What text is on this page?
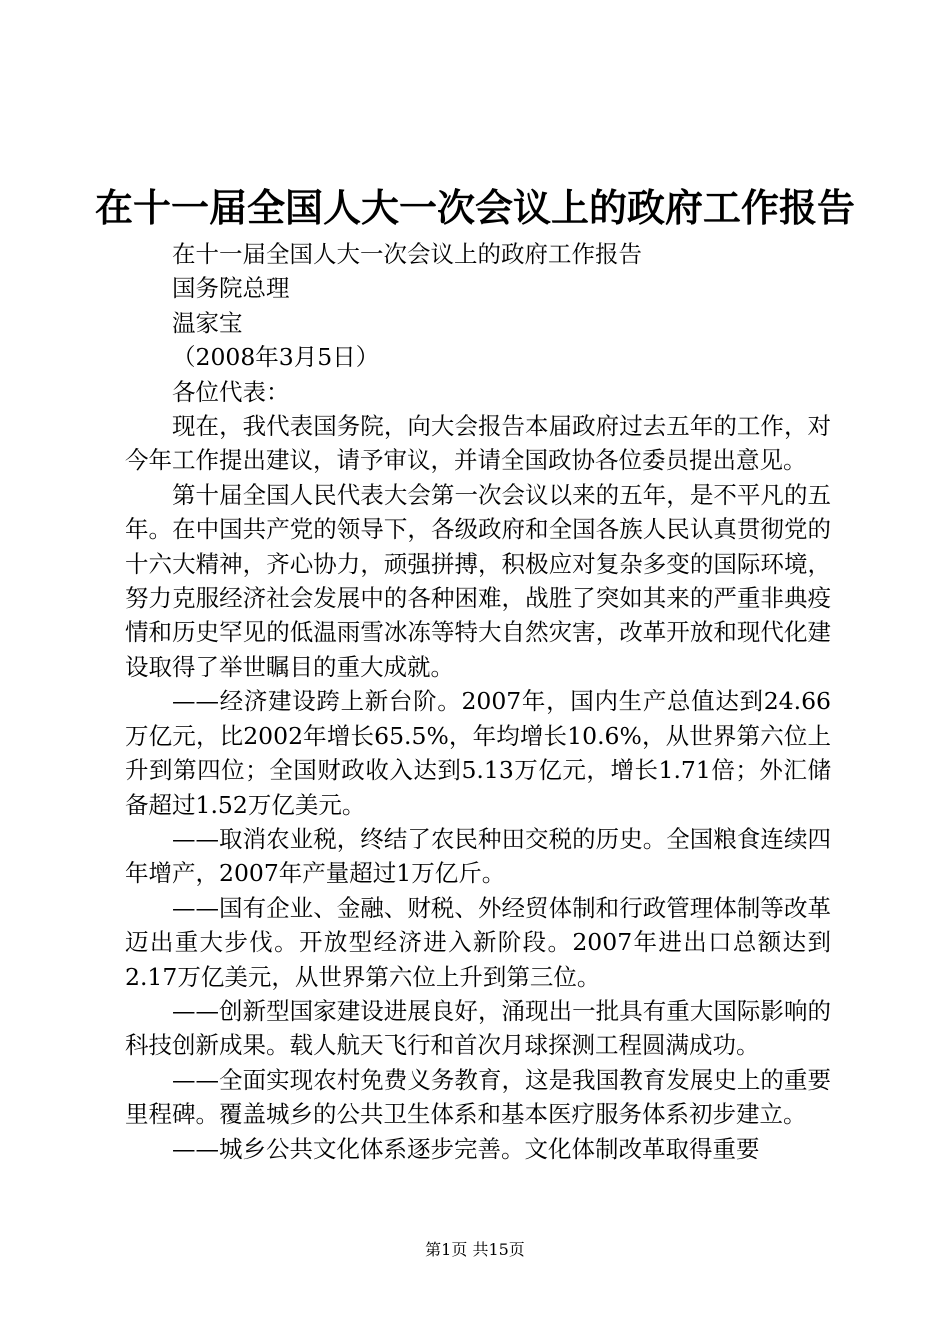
在十一届全国人大一次会议上的政府工作报告

在十一届全国人大一次会议上的政府工作报告

国务院总理

温家宝

（2008年3月5日）

各位代表：

现在，我代表国务院，向大会报告本届政府过去五年的工作，对今年工作提出建议，请予审议，并请全国政协各位委员提出意见。

第十届全国人民代表大会第一次会议以来的五年，是不平凡的五年。在中国共产党的领导下，各级政府和全国各族人民认真贯彻党的十六大精神，齐心协力，顽强拼搏，积极应对复杂多变的国际环境，努力克服经济社会发展中的各种困难，战胜了突如其来的严重非典疫情和历史罕见的低温雨雪冰冻等特大自然灾害，改革开放和现代化建设取得了举世瞩目的重大成就。

——经济建设跨上新台阶。2007年，国内生产总值达到24.66万亿元，比2002年增长65.5%，年均增长10.6%，从世界第六位上升到第四位；全国财政收入达到5.13万亿元，增长1.71倍；外汇储备超过1.52万亿美元。

——取消农业税，终结了农民种田交税的历史。全国粮食连续四年增产，2007年产量超过1万亿斤。

——国有企业、金融、财税、外经贸体制和行政管理体制等改革迈出重大步伐。开放型经济进入新阶段。2007年进出口总额达到2.17万亿美元，从世界第六位上升到第三位。

——创新型国家建设进展良好，涌现出一批具有重大国际影响的科技创新成果。载人航天飞行和首次月球探测工程圆满成功。

——全面实现农村免费义务教育，这是我国教育发展史上的重要里程碑。覆盖城乡的公共卫生体系和基本医疗服务体系初步建立。

——城乡公共文化体系逐步完善。文化体制改革取得重要

第1页 共15页
